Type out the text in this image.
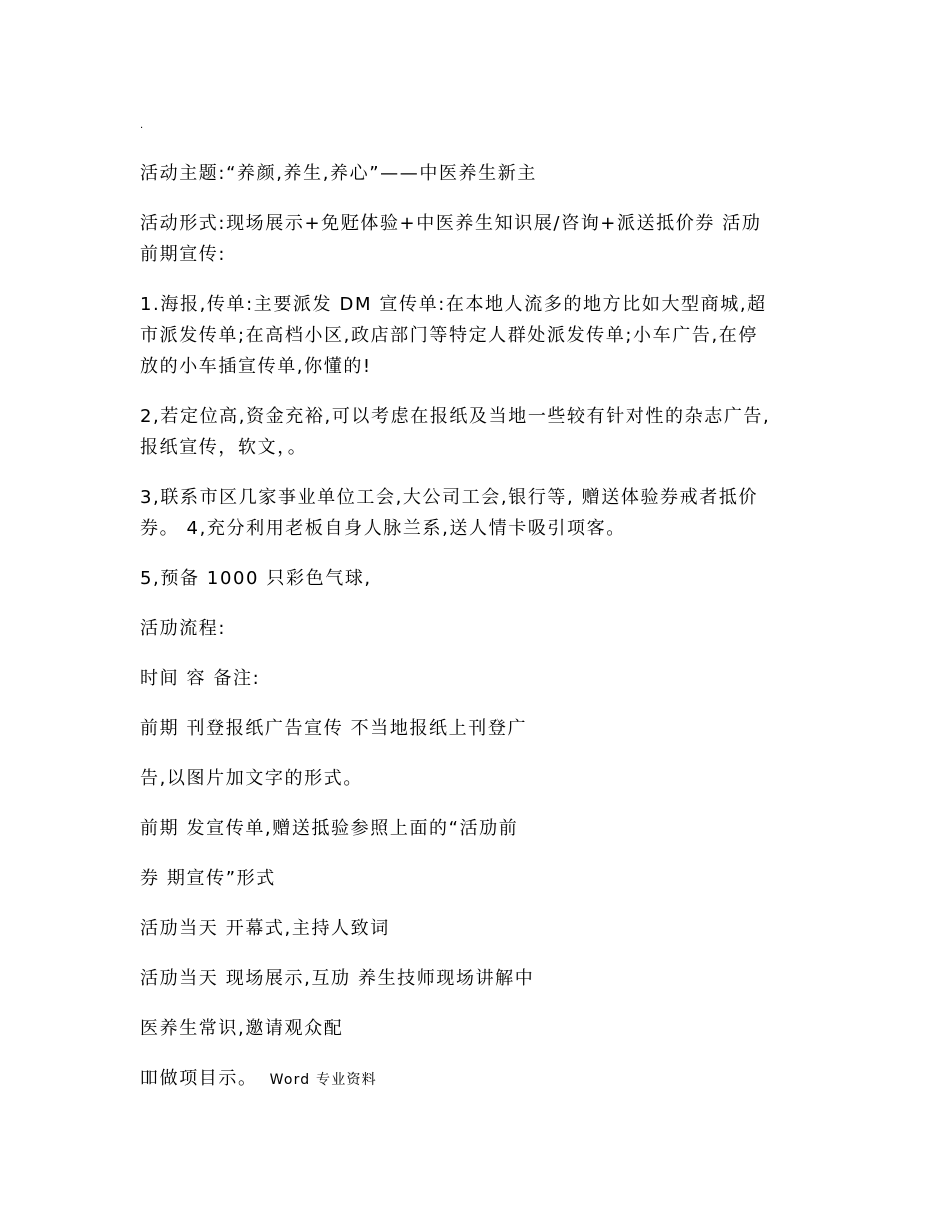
.

活动主题:“养颜,养生,养心”——中医养生新主

活动形式:现场展示+免觃体验+中医养生知识展/咨询+派送抵价券 活劢
前期宣传:

1.海报,传单:主要派发 DM 宣传单:在本地人流多的地方比如大型商城,超
市派发传单;在高档小区,政店部门等特定人群处派发传单;小车广告,在停
放的小车插宣传单,你懂的!

2,若定位高,资金充裕,可以考虑在报纸及当地一些较有针对性的杂志广告,
报纸宣传，软文，。

3,联系市区几家亊业单位工会,大公司工会,银行等, 赠送体验券戒者抵价
券。 4,充分利用老板自身人脉兰系,送人情卡吸引项客。

5,预备 1000 只彩色气球,

活劢流程:

时间 容 备注:

前期 刊登报纸广告宣传 不当地报纸上刊登广

告,以图片加文字的形式。

前期 发宣传单,赠送抵验参照上面的“活劢前

券 期宣传”形式

活劢当天 开幕式,主持人致词

活劢当天 现场展示,互劢 养生技师现场讲解中

医养生常识,邀请观众配

吅做项目示。 Word 专业资料
